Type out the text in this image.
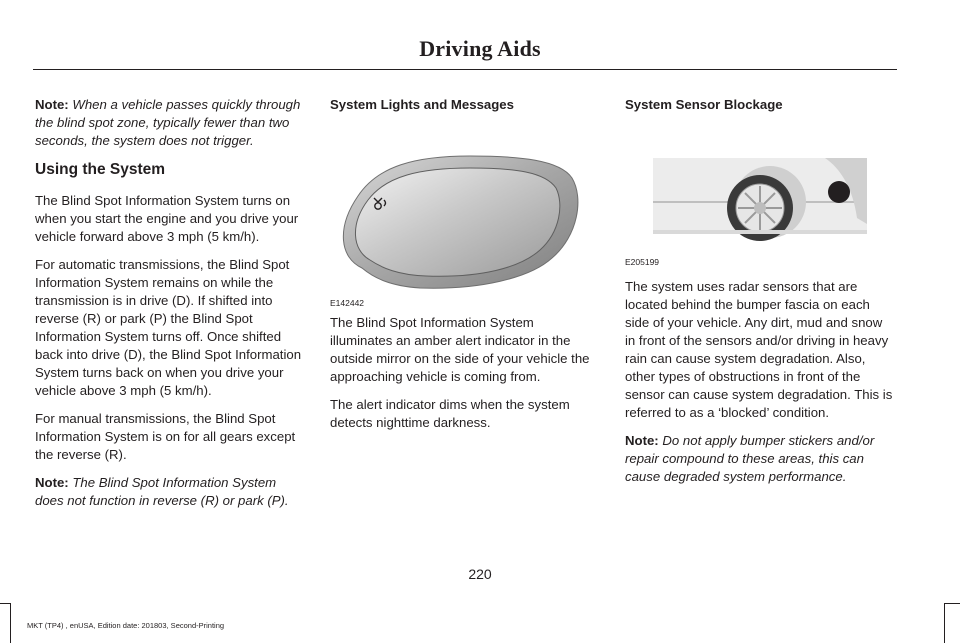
Driving Aids

Note: When a vehicle passes quickly through the blind spot zone, typically fewer than two seconds, the system does not trigger.

Using the System

The Blind Spot Information System turns on when you start the engine and you drive your vehicle forward above 3 mph (5 km/h).

For automatic transmissions, the Blind Spot Information System remains on while the transmission is in drive (D). If shifted into reverse (R) or park (P) the Blind Spot Information System turns off. Once shifted back into drive (D), the Blind Spot Information System turns back on when you drive your vehicle above 3 mph (5 km/h).

For manual transmissions, the Blind Spot Information System is on for all gears except the reverse (R).

Note: The Blind Spot Information System does not function in reverse (R) or park (P).

System Lights and Messages

E142442

The Blind Spot Information System illuminates an amber alert indicator in the outside mirror on the side of your vehicle the approaching vehicle is coming from.

The alert indicator dims when the system detects nighttime darkness.

System Sensor Blockage

E205199

The system uses radar sensors that are located behind the bumper fascia on each side of your vehicle. Any dirt, mud and snow in front of the sensors and/or driving in heavy rain can cause system degradation. Also, other types of obstructions in front of the sensor can cause system degradation. This is referred to as a ‘blocked’ condition.

Note: Do not apply bumper stickers and/or repair compound to these areas, this can cause degraded system performance.

220
MKT (TP4) , enUSA, Edition date: 201803, Second-Printing
